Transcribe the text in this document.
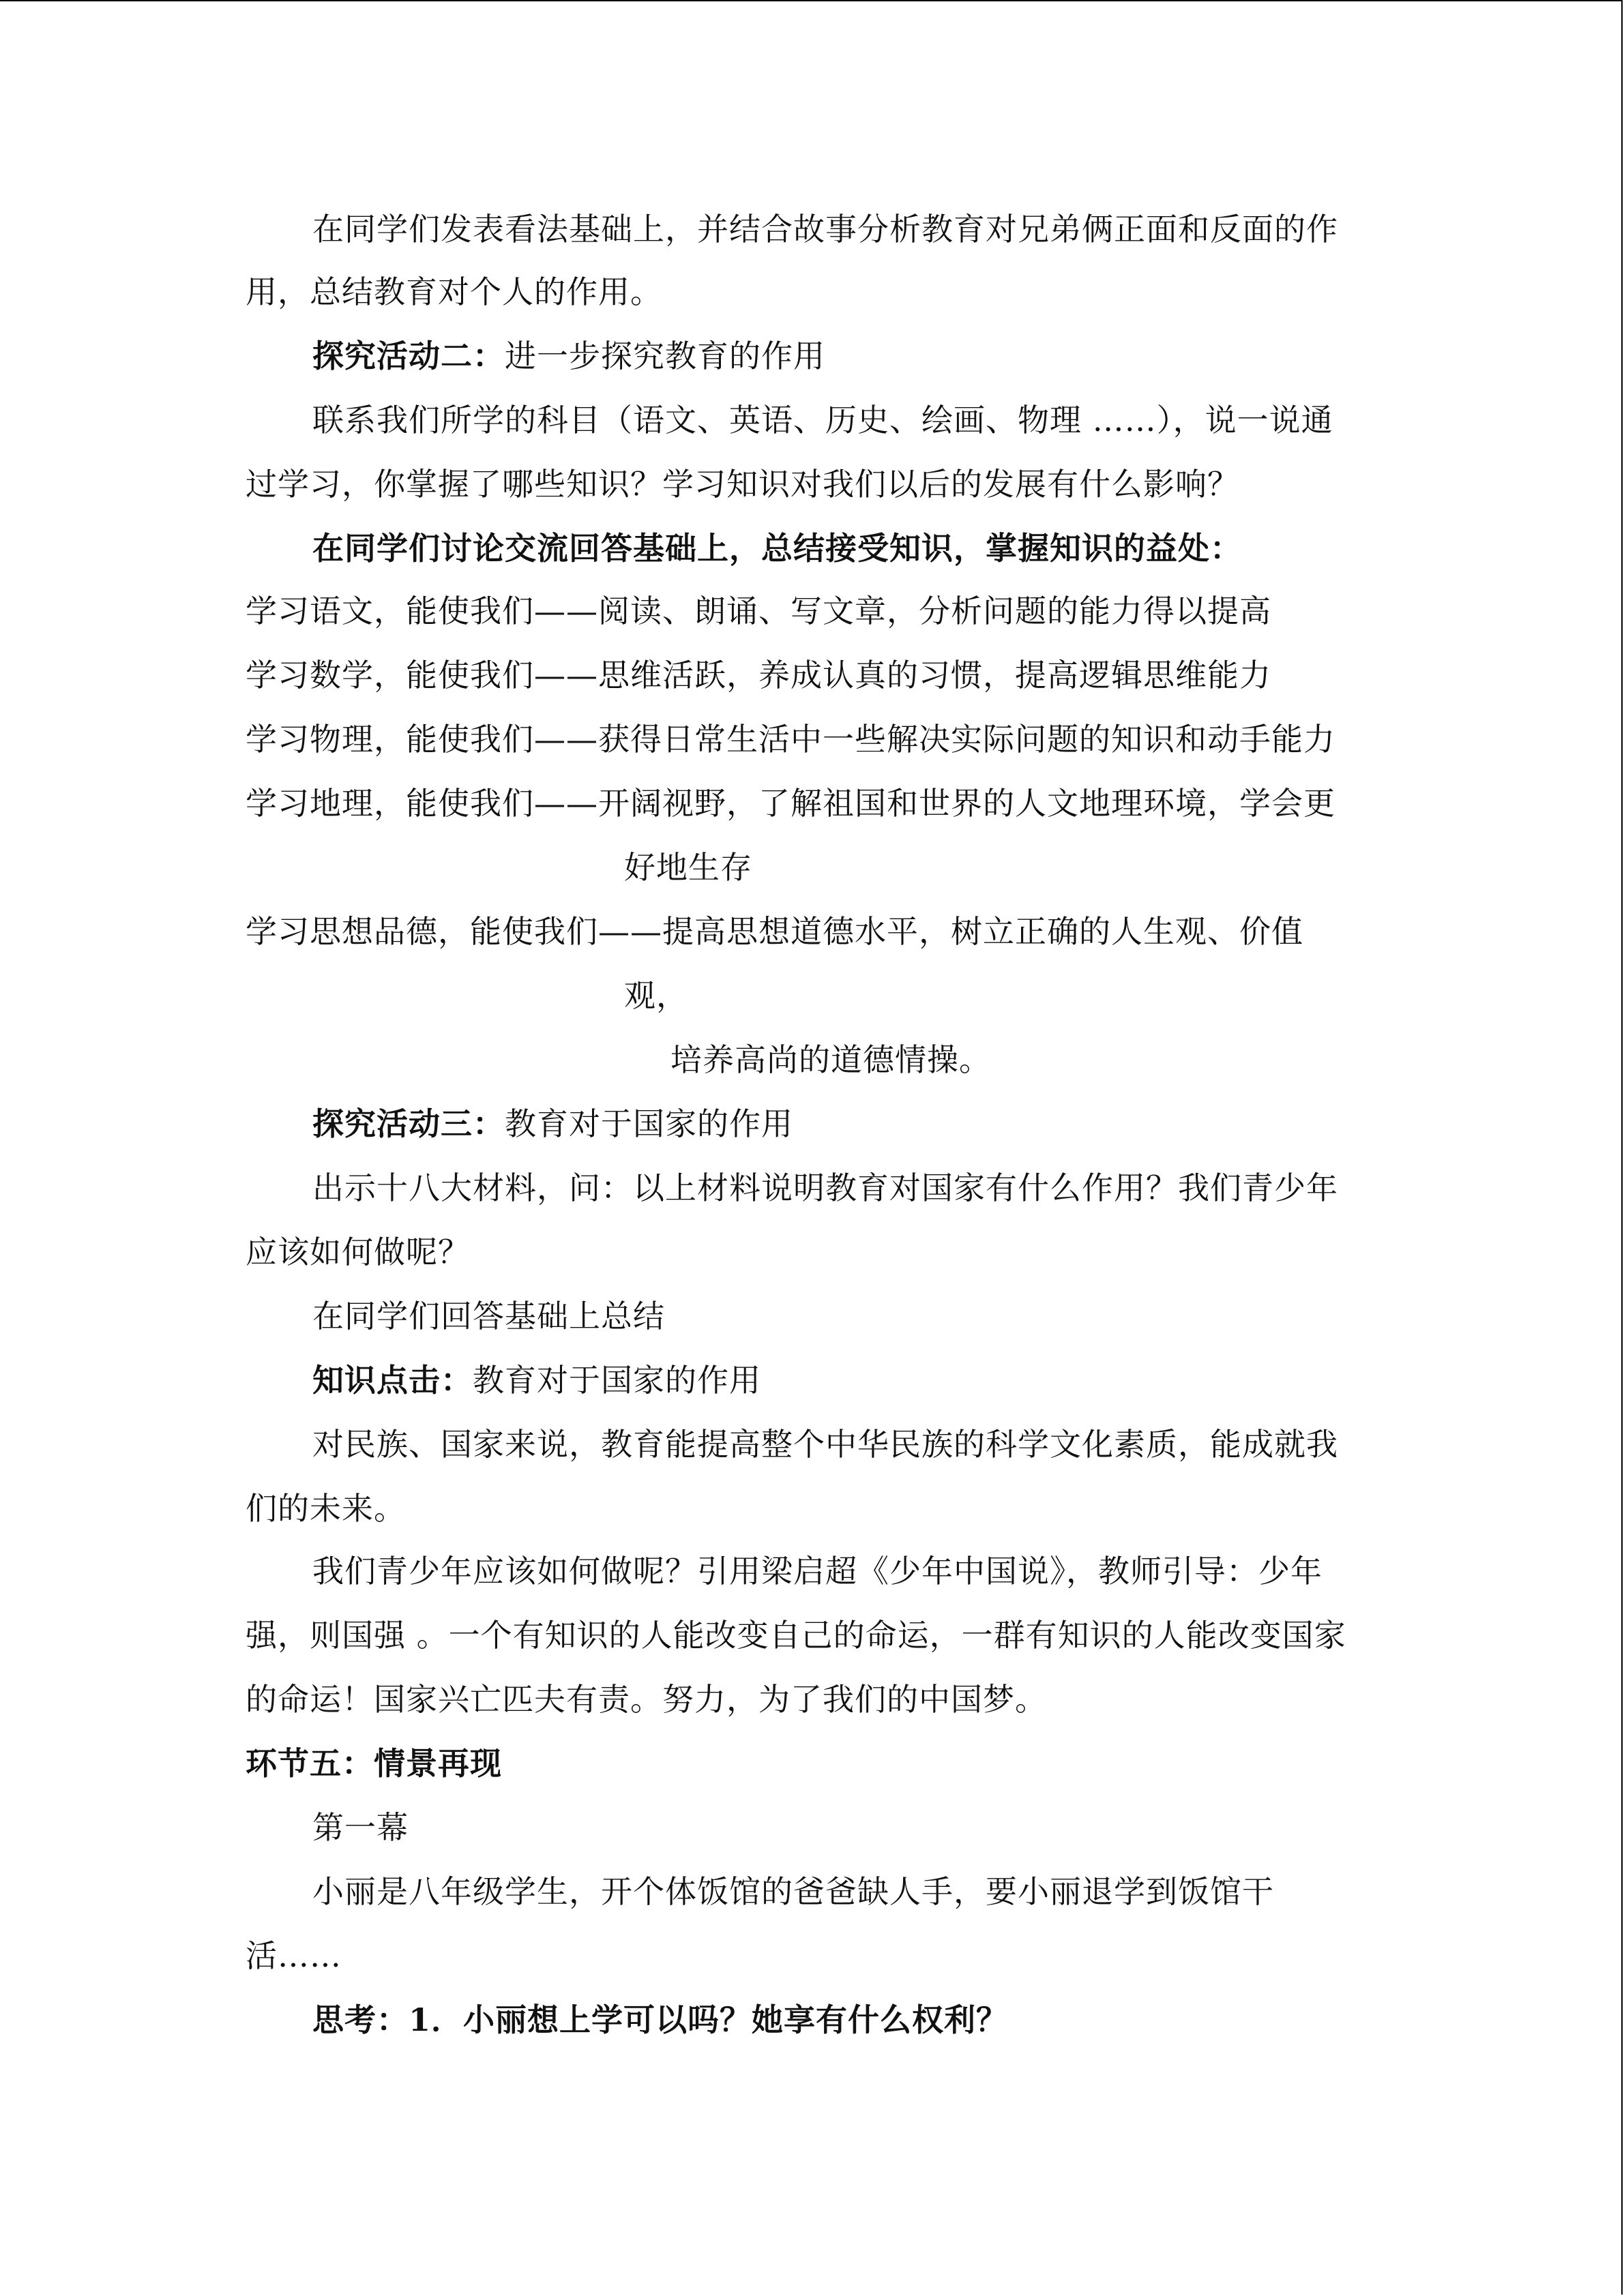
在同学们发表看法基础上，并结合故事分析教育对兄弟俩正面和反面的作
用，总结教育对个人的作用。
探究活动二：进一步探究教育的作用
联系我们所学的科目（语文、英语、历史、绘画、物理 ……），说一说通
过学习，你掌握了哪些知识？学习知识对我们以后的发展有什么影响？
在同学们讨论交流回答基础上，总结接受知识，掌握知识的益处：
学习语文，能使我们——阅读、朗诵、写文章，分析问题的能力得以提高
学习数学，能使我们——思维活跃，养成认真的习惯，提高逻辑思维能力
学习物理，能使我们——获得日常生活中一些解决实际问题的知识和动手能力
学习地理，能使我们——开阔视野，了解祖国和世界的人文地理环境，学会更
好地生存
学习思想品德，能使我们——提高思想道德水平，树立正确的人生观、价值
观，
培养高尚的道德情操。
探究活动三：教育对于国家的作用
出示十八大材料，问：以上材料说明教育对国家有什么作用？我们青少年
应该如何做呢？
在同学们回答基础上总结
知识点击：教育对于国家的作用
对民族、国家来说，教育能提高整个中华民族的科学文化素质，能成就我
们的未来。
我们青少年应该如何做呢？引用梁启超《少年中国说》，教师引导：少年
强，则国强 。一个有知识的人能改变自己的命运，一群有知识的人能改变国家
的命运！国家兴亡匹夫有责。努力，为了我们的中国梦。
环节五：情景再现
第一幕
小丽是八年级学生，开个体饭馆的爸爸缺人手，要小丽退学到饭馆干
活……
思考：1．小丽想上学可以吗？她享有什么权利？
